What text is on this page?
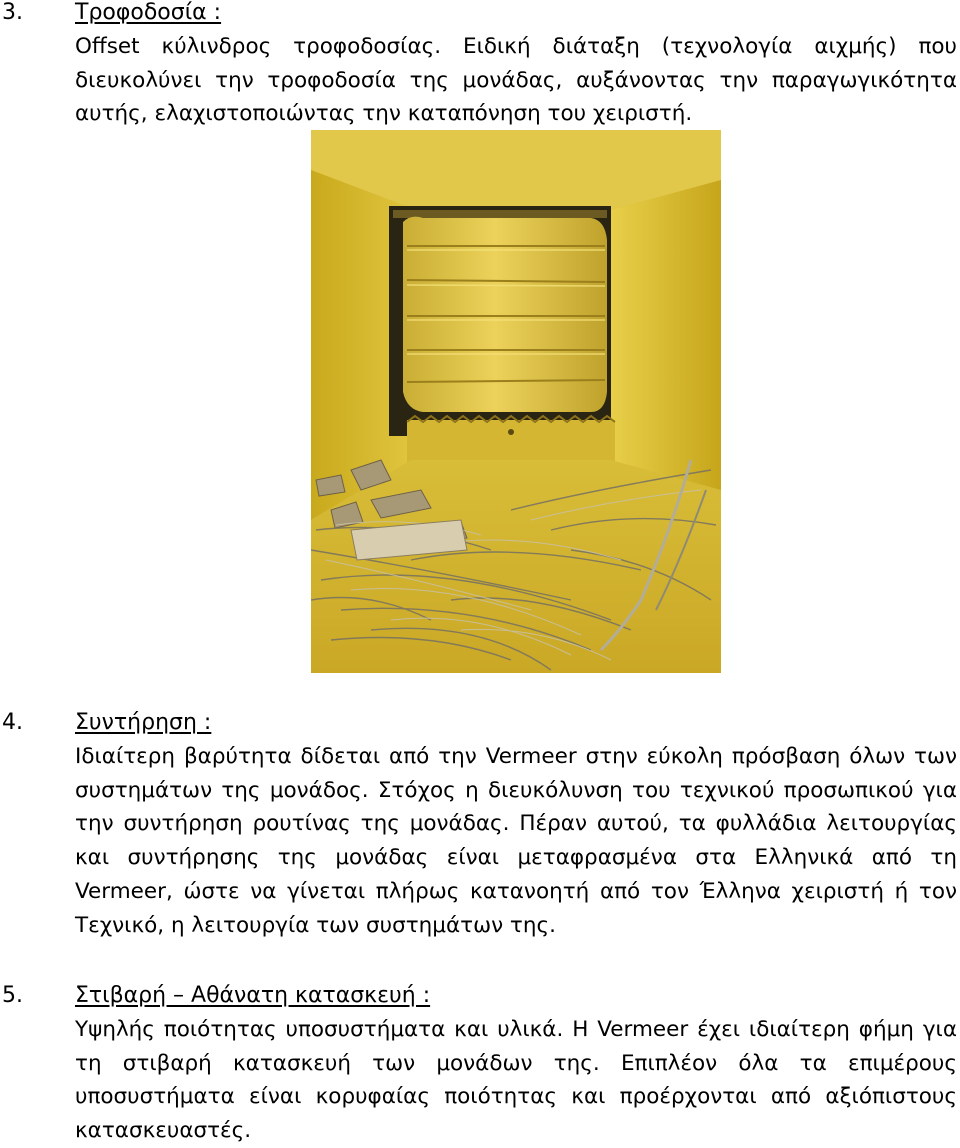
3. Τροφοδοσία :
Offset κύλινδρος τροφοδοσίας. Ειδική διάταξη (τεχνολογία αιχμής) που διευκολύνει την τροφοδοσία της μονάδας, αυξάνοντας την παραγωγικότητα αυτής, ελαχιστοποιώντας την καταπόνηση του χειριστή.
4. Συντήρηση :
Ιδιαίτερη βαρύτητα δίδεται από την Vermeer στην εύκολη πρόσβαση όλων των συστημάτων της μονάδος. Στόχος η διευκόλυνση του τεχνικού προσωπικού για την συντήρηση ρουτίνας της μονάδας. Πέραν αυτού, τα φυλλάδια λειτουργίας και συντήρησης της μονάδας είναι μεταφρασμένα στα Ελληνικά από τη Vermeer, ώστε να γίνεται πλήρως κατανοητή από τον Έλληνα χειριστή ή τον Τεχνικό, η λειτουργία των συστημάτων της.
5. Στιβαρή – Αθάνατη κατασκευή :
Υψηλής ποιότητας υποσυστήματα και υλικά. Η Vermeer έχει ιδιαίτερη φήμη για τη στιβαρή κατασκευή των μονάδων της. Επιπλέον όλα τα επιμέρους υποσυστήματα είναι κορυφαίας ποιότητας και προέρχονται από αξιόπιστους κατασκευαστές.
